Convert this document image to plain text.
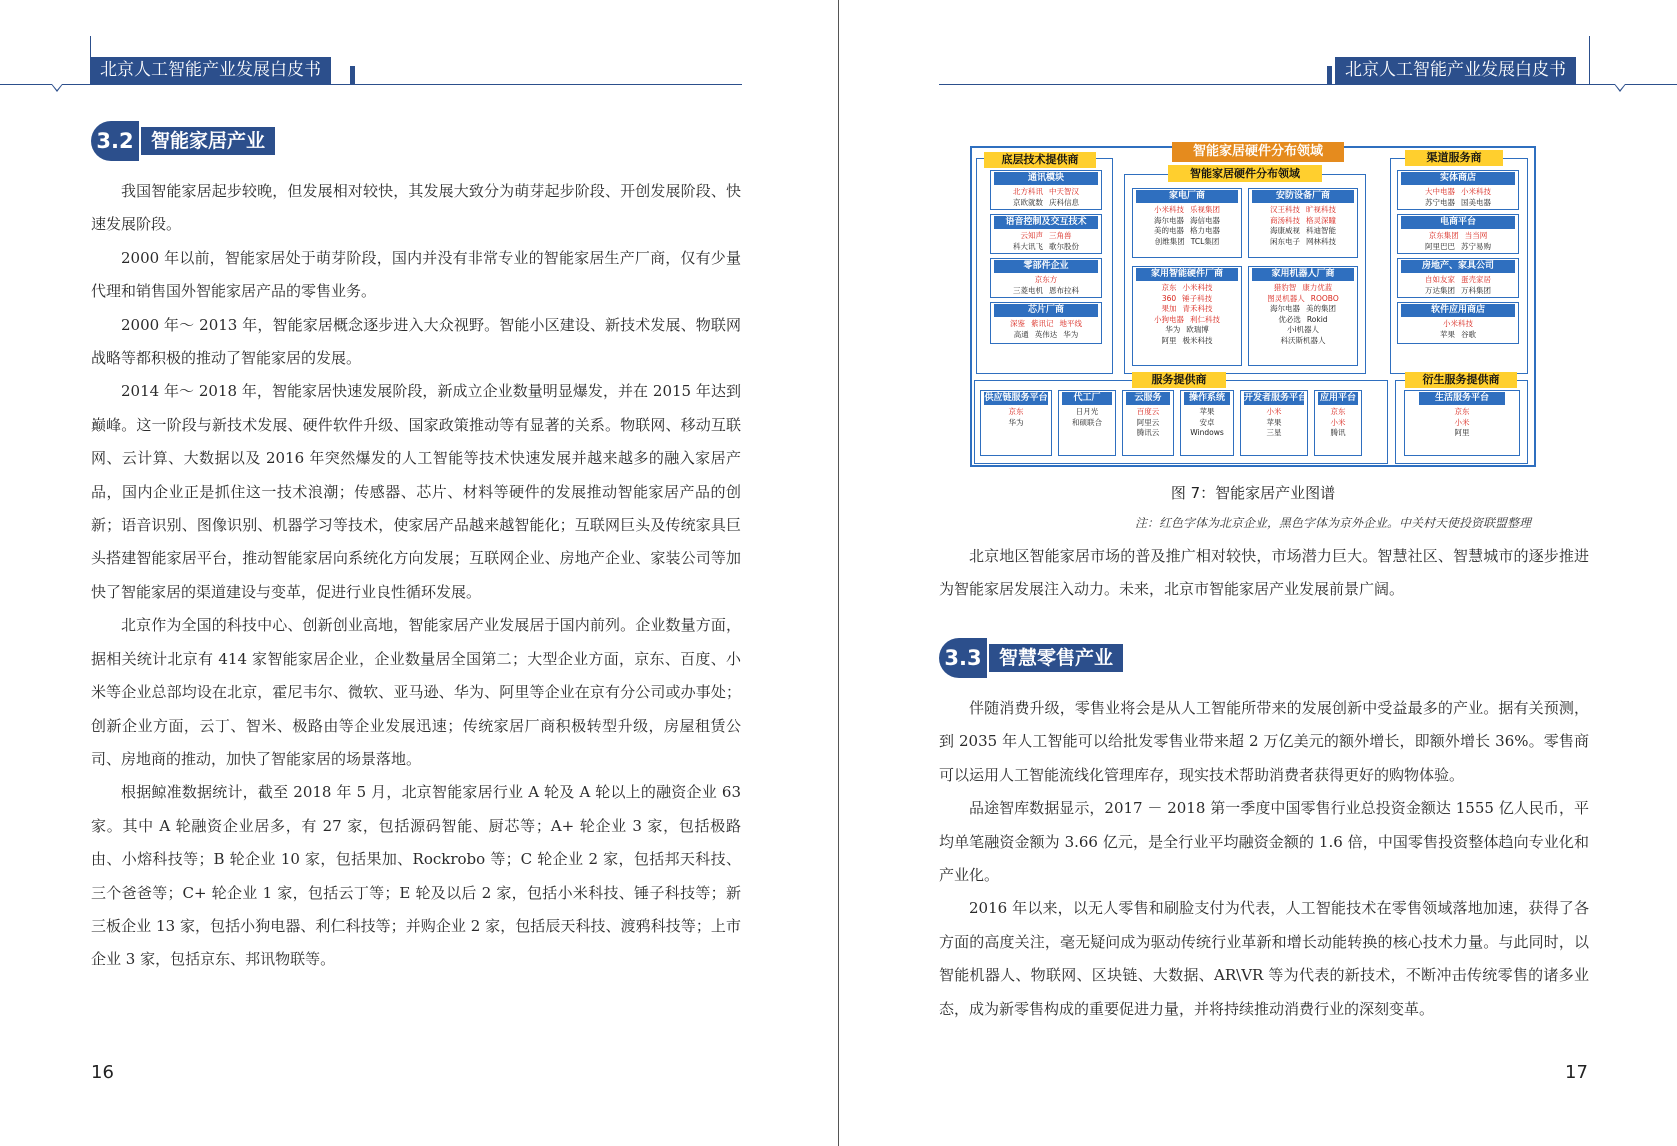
北京人工智能产业发展白皮书
3.2 智能家居产业

我国智能家居起步较晚，但发展相对较快，其发展大致分为萌芽起步阶段、开创发展阶段、快速发展阶段。

2000 年以前，智能家居处于萌芽阶段，国内并没有非常专业的智能家居生产厂商，仅有少量代理和销售国外智能家居产品的零售业务。

2000 年～ 2013 年，智能家居概念逐步进入大众视野。智能小区建设、新技术发展、物联网战略等都积极的推动了智能家居的发展。

2014 年～ 2018 年，智能家居快速发展阶段，新成立企业数量明显爆发，并在 2015 年达到巅峰。这一阶段与新技术发展、硬件软件升级、国家政策推动等有显著的关系。物联网、移动互联网、云计算、大数据以及 2016 年突然爆发的人工智能等技术快速发展并越来越多的融入家居产品，国内企业正是抓住这一技术浪潮；传感器、芯片、材料等硬件的发展推动智能家居产品的创新；语音识别、图像识别、机器学习等技术，使家居产品越来越智能化；互联网巨头及传统家具巨头搭建智能家居平台，推动智能家居向系统化方向发展；互联网企业、房地产企业、家装公司等加快了智能家居的渠道建设与变革，促进行业良性循环发展。

北京作为全国的科技中心、创新创业高地，智能家居产业发展居于国内前列。企业数量方面，据相关统计北京有 414 家智能家居企业，企业数量居全国第二；大型企业方面，京东、百度、小米等企业总部均设在北京，霍尼韦尔、微软、亚马逊、华为、阿里等企业在京有分公司或办事处；创新企业方面，云丁、智米、极路由等企业发展迅速；传统家居厂商积极转型升级，房屋租赁公司、房地商的推动，加快了智能家居的场景落地。

根据鲸准数据统计，截至 2018 年 5 月，北京智能家居行业 A 轮及 A 轮以上的融资企业 63 家。其中 A 轮融资企业居多，有 27 家，包括源码智能、厨芯等；A+ 轮企业 3 家，包括极路由、小熔科技等；B 轮企业 10 家，包括果加、Rockrobo 等；C 轮企业 2 家，包括邦天科技、三个爸爸等；C+ 轮企业 1 家，包括云丁等；E 轮及以后 2 家，包括小米科技、锤子科技等；新三板企业 13 家，包括小狗电器、利仁科技等；并购企业 2 家，包括辰天科技、渡鸦科技等；上市企业 3 家，包括京东、邦讯物联等。

16
北京人工智能产业发展白皮书
智能家居硬件分布领域
底层技术提供商
智能家居硬件分布领域
渠道服务商
服务提供商	衍生服务提供商
通讯模块
北方科讯 中天智汉
京欧就数 庆科信息
语音控制及交互技术
云知声 三角兽
科大讯飞 歌尔股份
零部件企业
京东方
三菱电机 恩布拉科
芯片厂商
深鉴 紫讯记 地平线
高通 英伟达 华为
家电厂商
小米科技 乐视集团
海尔电器 海信电器
美的电器 格力电器
创维集团 TCL集团
安防设备厂商
汉王科技 旷视科技
商汤科技 格灵深瞳
海康威视 科迪智能
闲东电子 网林科技
家用智能硬件厂商
京东 小米科技
360 锤子科技
果加 青禾科技
小狗电器 利仁科技
华为 欧瑞博
阿里 极米科技
家用机器人厂商
猎豹智 康力优蓝
图灵机器人 ROOBO
海尔电器 美的集团
优必选 Rokid
小i机器人
科沃斯机器人
实体商店
大中电器 小米科技
苏宁电器 国美电器
电商平台
京东集团 当当网
阿里巴巴 苏宁易购
房地产、家具公司
自如友家 蛋壳家居
万达集团 万科集团
软件应用商店
小米科技
苹果 谷歌
供应链服务平台
京东
华为
代工厂
日月光
和硕联合
云服务
百度云
阿里云
腾讯云
操作系统
苹果
安卓
Windows
开发者服务平台
小米
苹果
三星
应用平台
京东
小米
腾讯
生活服务平台
京东
小米
阿里
图 7：智能家居产业图谱
注：红色字体为北京企业，黑色字体为京外企业。中关村天使投资联盟整理

北京地区智能家居市场的普及推广相对较快，市场潜力巨大。智慧社区、智慧城市的逐步推进为智能家居发展注入动力。未来，北京市智能家居产业发展前景广阔。

3.3 智慧零售产业

伴随消费升级，零售业将会是从人工智能所带来的发展创新中受益最多的产业。据有关预测，到 2035 年人工智能可以给批发零售业带来超 2 万亿美元的额外增长，即额外增长 36%。零售商可以运用人工智能流线化管理库存，现实技术帮助消费者获得更好的购物体验。

品途智库数据显示，2017 － 2018 第一季度中国零售行业总投资金额达 1555 亿人民币，平均单笔融资金额为 3.66 亿元，是全行业平均融资金额的 1.6 倍，中国零售投资整体趋向专业化和产业化。

2016 年以来，以无人零售和刷脸支付为代表，人工智能技术在零售领域落地加速，获得了各方面的高度关注，毫无疑问成为驱动传统行业革新和增长动能转换的核心技术力量。与此同时，以智能机器人、物联网、区块链、大数据、AR\VR 等为代表的新技术，不断冲击传统零售的诸多业态，成为新零售构成的重要促进力量，并将持续推动消费行业的深刻变革。

17
